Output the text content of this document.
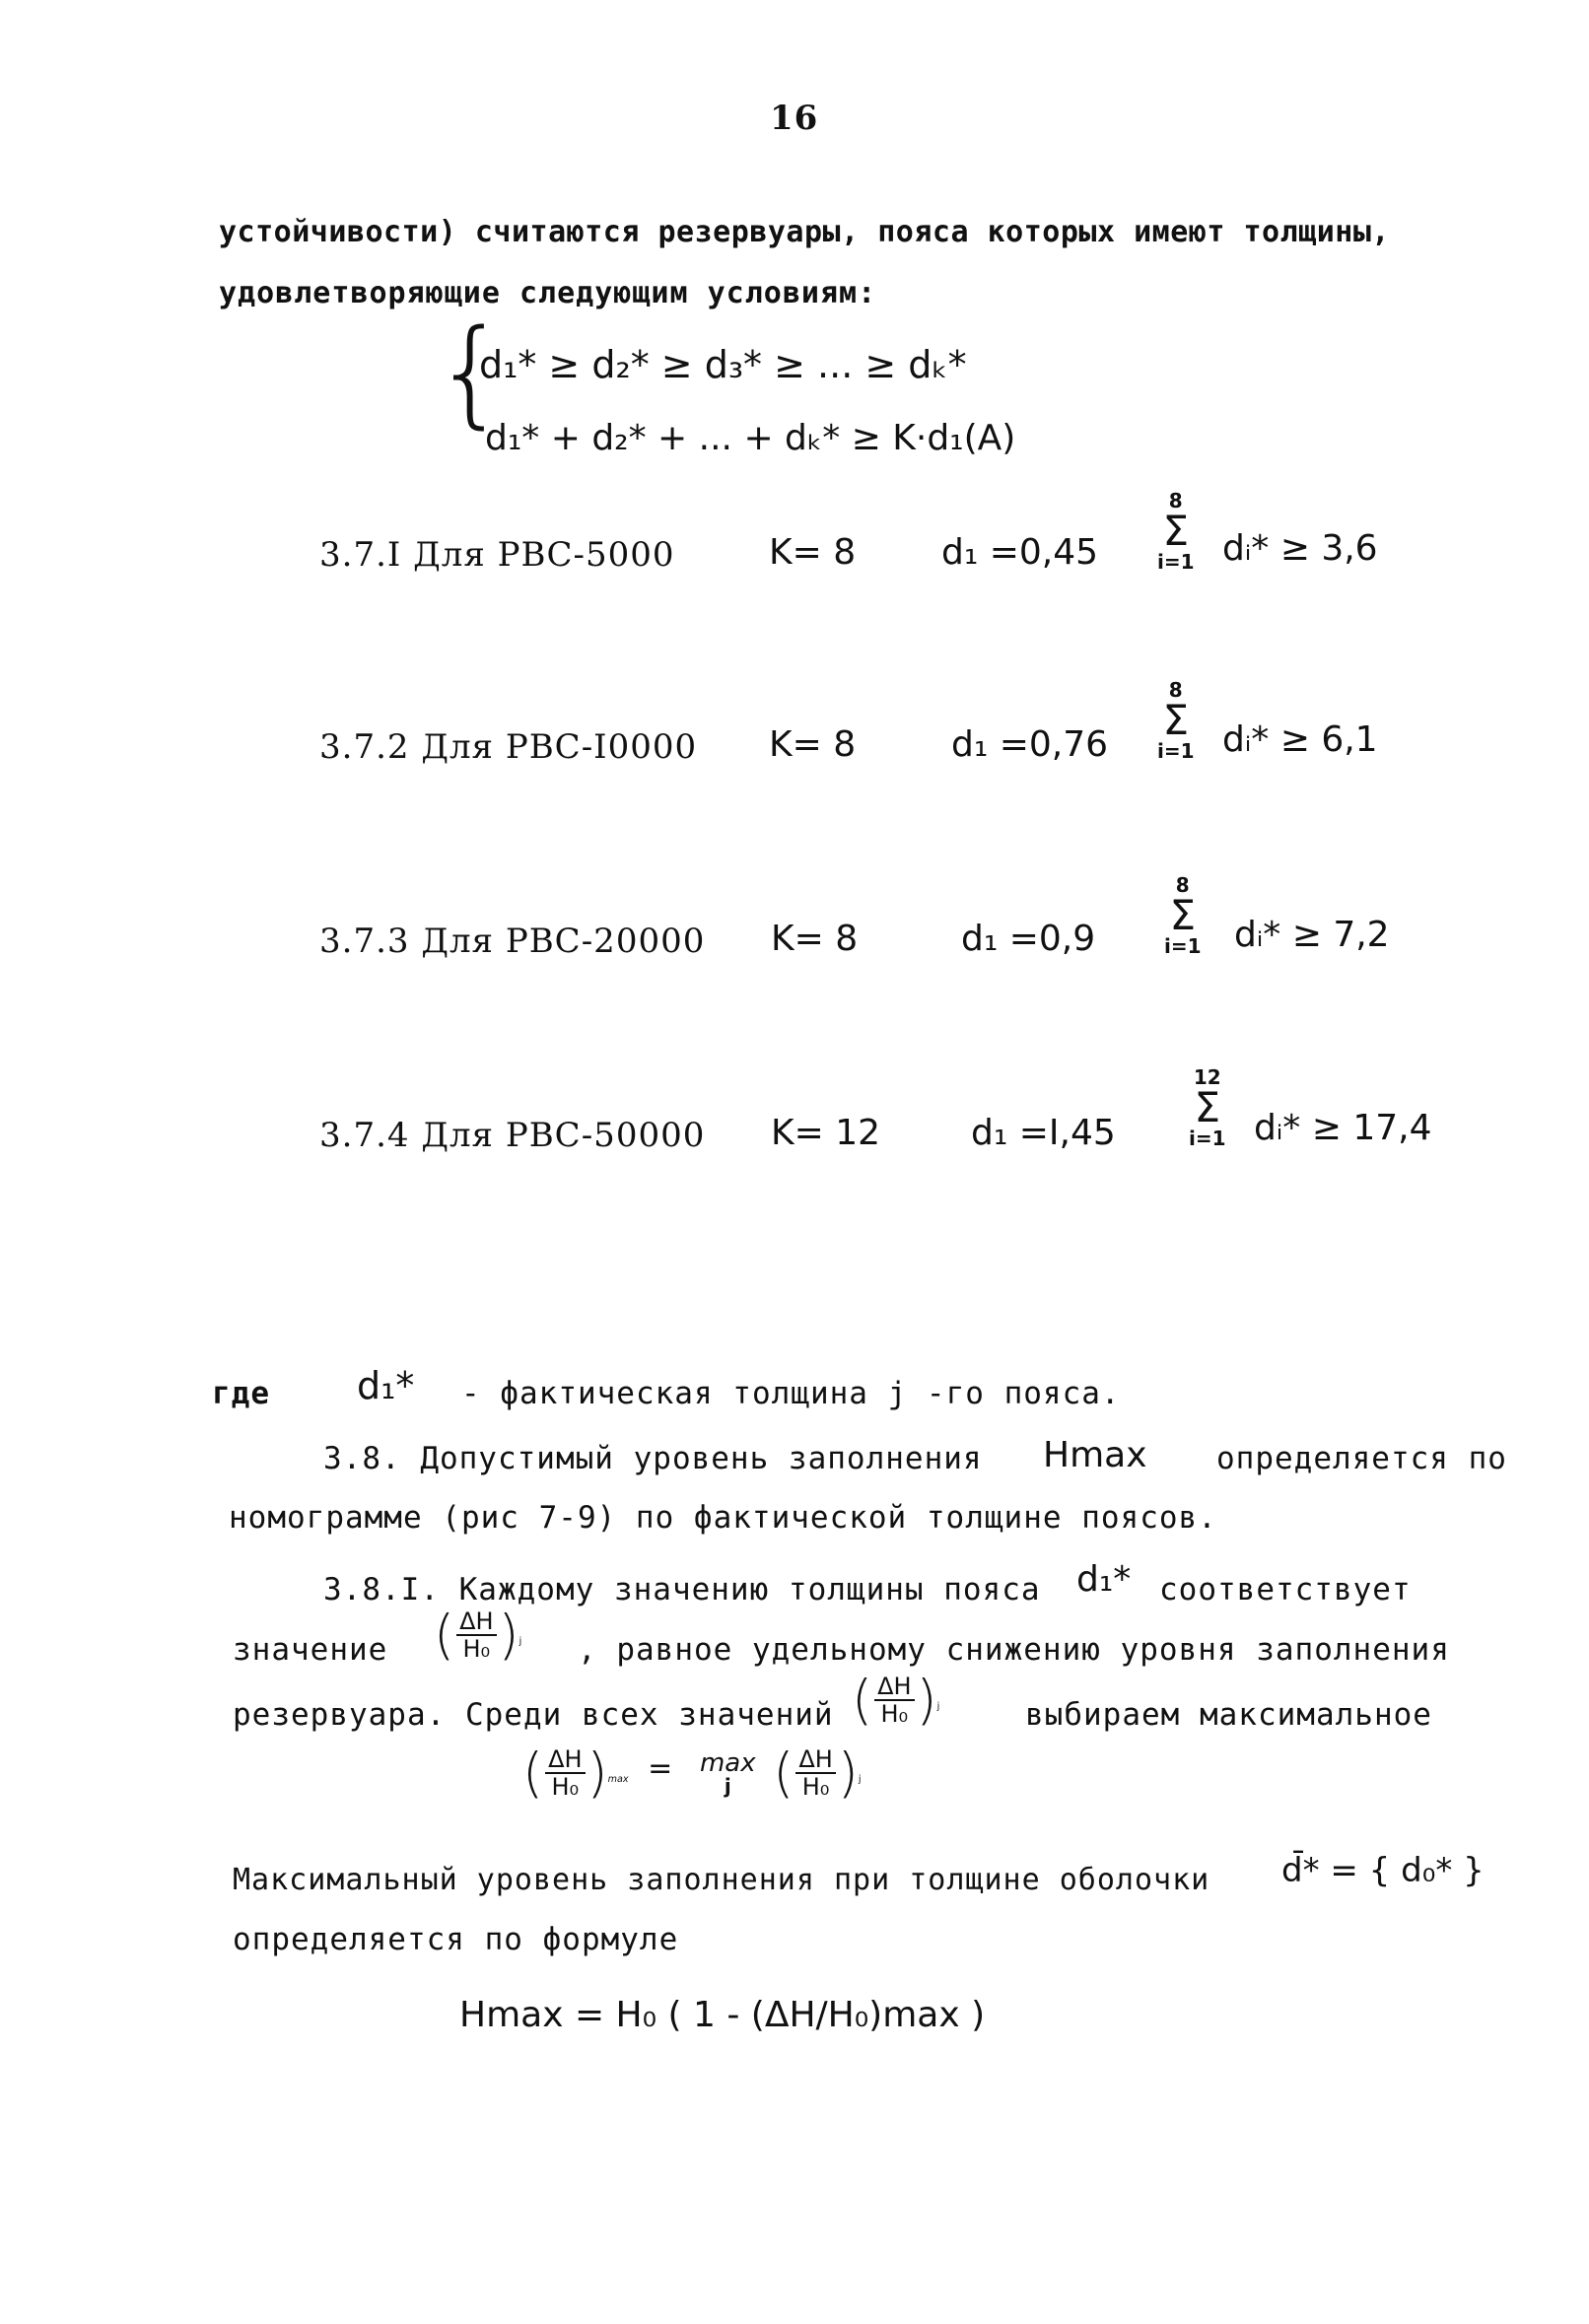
16
устойчивости) считаются резервуары, пояса которых имеют толщины,
удовлетворяющие следующим условиям:
{
d₁* ≥ d₂* ≥ d₃* ≥ ... ≥ dₖ*
d₁* + d₂* + ... + dₖ* ≥ K·d₁(A)
3.7.I Для РВС-5000	K= 8 d₁ =0,45
8
Σ
i=1 dᵢ* ≥ 3,6
3.7.2 Для РВС-I0000 K= 8	d₁ =0,76
8
Σ
i=1 dᵢ* ≥ 6,1
3.7.3 Для РВС-20000 K= 8	d₁ =0,9
8
Σ
i=1 dᵢ* ≥ 7,2
3.7.4 Для РВС-50000 K= 12	d₁ =I,45
12
Σ
i=1 dᵢ* ≥ 17,4
где d₁* - фактическая толщина j -го пояса.
3.8. Допустимый уровень заполнения Hmax определяется по
номограмме (рис 7-9) по фактической толщине поясов.
3.8.I. Каждому значению толщины пояса d₁* соответствует
значение ( $\frac{\Delta H}{\text{H₀}} )_j$ , равное удельному снижению уровня заполнения
резервуара. Среди всех значений ( $\frac{\Delta H}{\text{H₀}} )_j$	выбираем максимальное
( $\frac{\Delta H}{\text{H₀}} )_{max} = \max$
j ( $\frac{\Delta H}{\text{H₀}} )_j$
Максимальный уровень заполнения при толщине оболочки d̄* = { d₀* }
определяется по формуле
Hmax = H₀ ( 1 - (ΔH/H₀)max )
